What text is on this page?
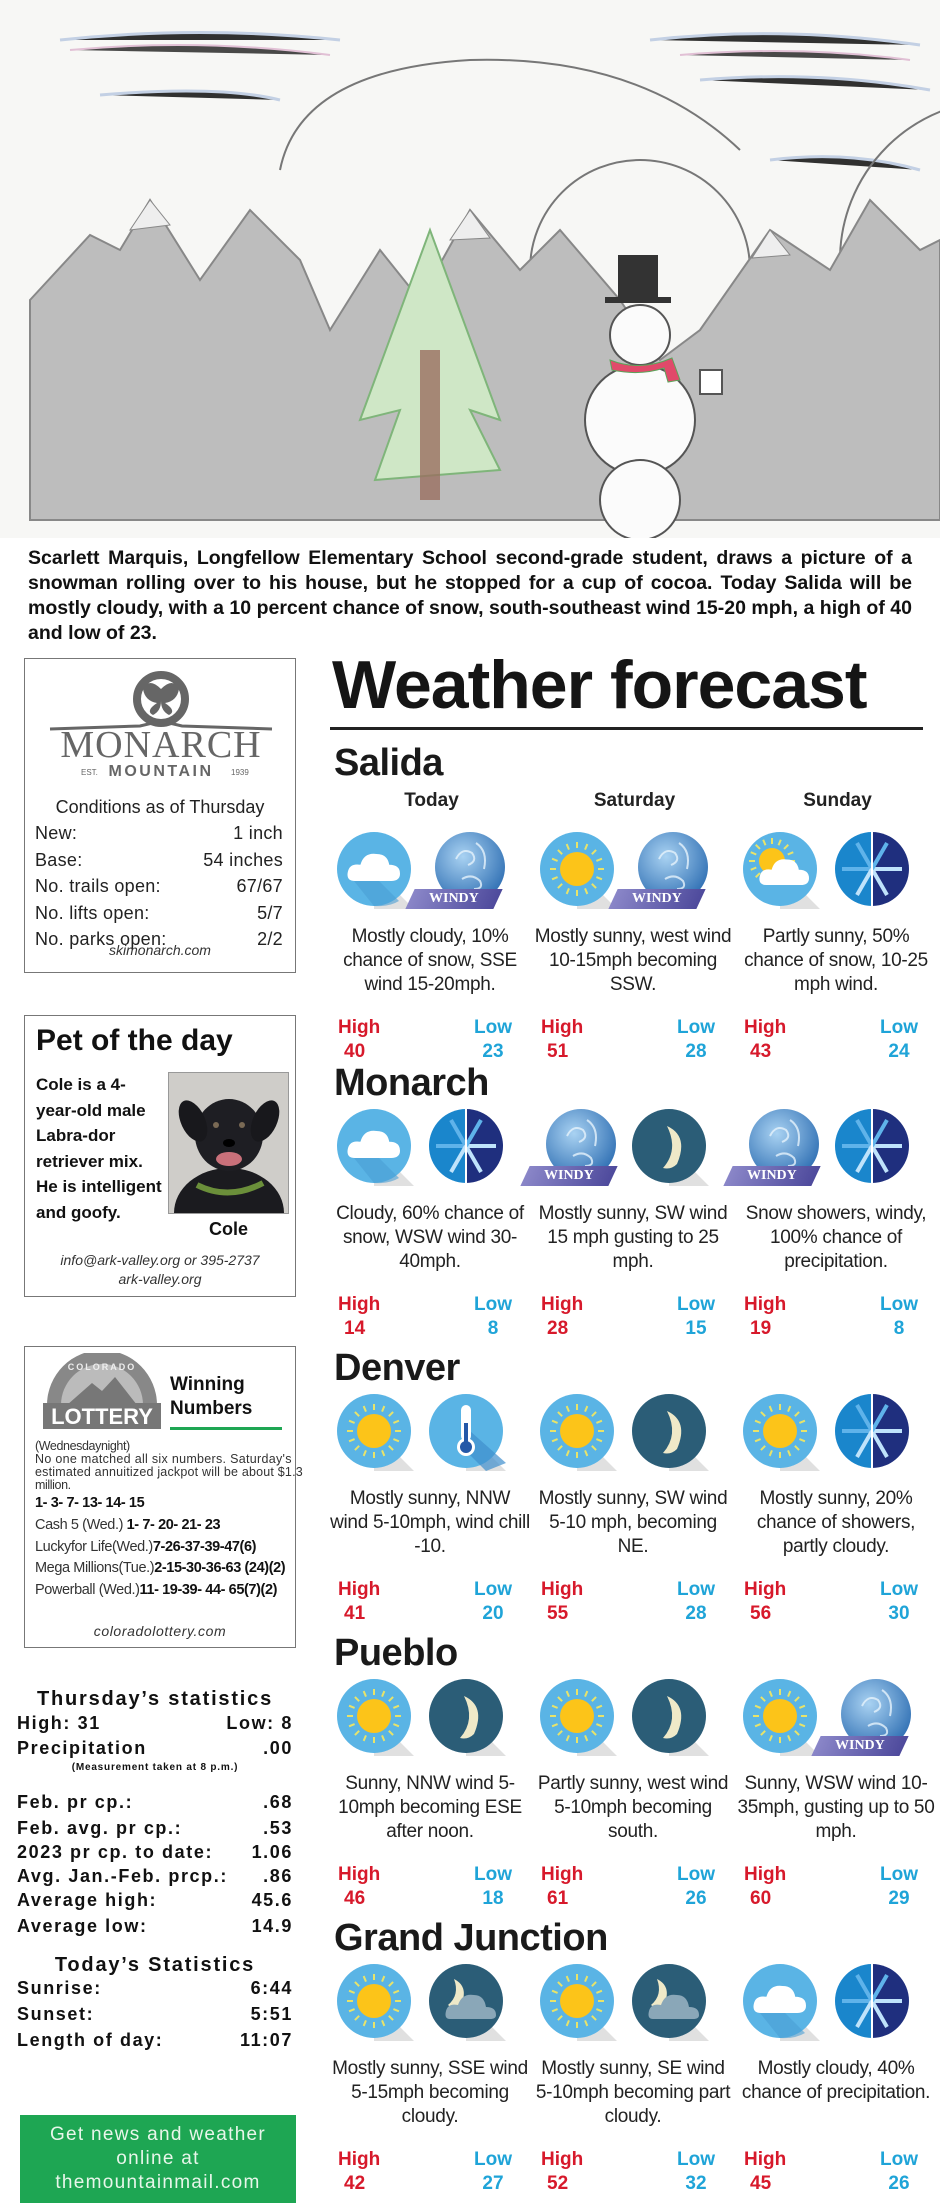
Scarlett Marquis, Longfellow Elementary School second-grade student, draws a picture of a snowman rolling over to his house, but he stopped for a cup of cocoa. Today Salida will be mostly cloudy, with a 10 percent chance of snow, south-southeast wind 15-20 mph, a high of 40 and low of 23.

MONARCH
EST. MOUNTAIN 1939
Conditions as of Thursday
New:	1 inch
Base:	54 inches
No. trails open:	67/67
No. lifts open:	5/7
No. parks open:	2/2
skimonarch.com
Pet of the day

Cole is a 4-year-old male Labra-dor retriever mix. He is intelligent and goofy.

Cole
info@ark-valley.org or 395-2737
ark-valley.org
COLORADO
LOTTERY
Winning
Numbers
(Wednesdaynight)
No one matched all six numbers. Saturday's
estimated annuitized jackpot will be about $1.3
million.
1- 3- 7- 13- 14- 15
Cash 5 (Wed.) 1- 7- 20- 21- 23
Luckyfor Life(Wed.)7-26-37-39-47(6)
Mega Millions(Tue.)2-15-30-36-63 (24)(2)
Powerball (Wed.)11- 19-39- 44- 65(7)(2)
coloradolottery.com
Thursday’s statistics
High: 31	Low: 8
Precipitation	.00
(Measurement taken at 8 p.m.)
Feb. pr cp.:	.68
Feb. avg. pr cp.:	.53
2023 pr cp. to date: 1.06
Avg. Jan.-Feb. prcp.: .86
Average high:	45.6
Average low:	14.9
Today’s Statistics
Sunrise:	6:44
Sunset:	5:51
Length of day:	11:07
Get news and weather
online at
themountainmail.com
Weather forecast
Salida
Today	Saturday	Sunday
WINDY
Mostly cloudy, 10% chance of snow, SSE wind 15-20mph.
High	Low
40	23
WINDY
Mostly sunny, west wind 10-15mph becoming SSW.
High	Low
51	28
Partly sunny, 50% chance of snow, 10-25 mph wind.
High	Low
43	24
Monarch
Cloudy, 60% chance of snow, WSW wind 30-40mph.
High	Low
14	8
WINDY
Mostly sunny, SW wind 15 mph gusting to 25 mph.
High	Low
28	15
WINDY
Snow showers, windy, 100% chance of precipitation.
High	Low
19	8
Denver
Mostly sunny, NNW wind 5-10mph, wind chill -10.
High	Low
41	20
Mostly sunny, SW wind 5-10 mph, becoming NE.
High	Low
55	28
Mostly sunny, 20% chance of showers, partly cloudy.
High	Low
56	30
Pueblo
Sunny, NNW wind 5-10mph becoming ESE after noon.
High	Low
46	18
Partly sunny, west wind 5-10mph becoming south.
High	Low
61	26
WINDY
Sunny, WSW wind 10-35mph, gusting up to 50 mph.
High	Low
60	29
Grand Junction
Mostly sunny, SSE wind 5-15mph becoming cloudy.
High	Low
42	27
Mostly sunny, SE wind 5-10mph becoming part cloudy.
High	Low
52	32
Mostly cloudy, 40% chance of precipitation.
High	Low
45	26
